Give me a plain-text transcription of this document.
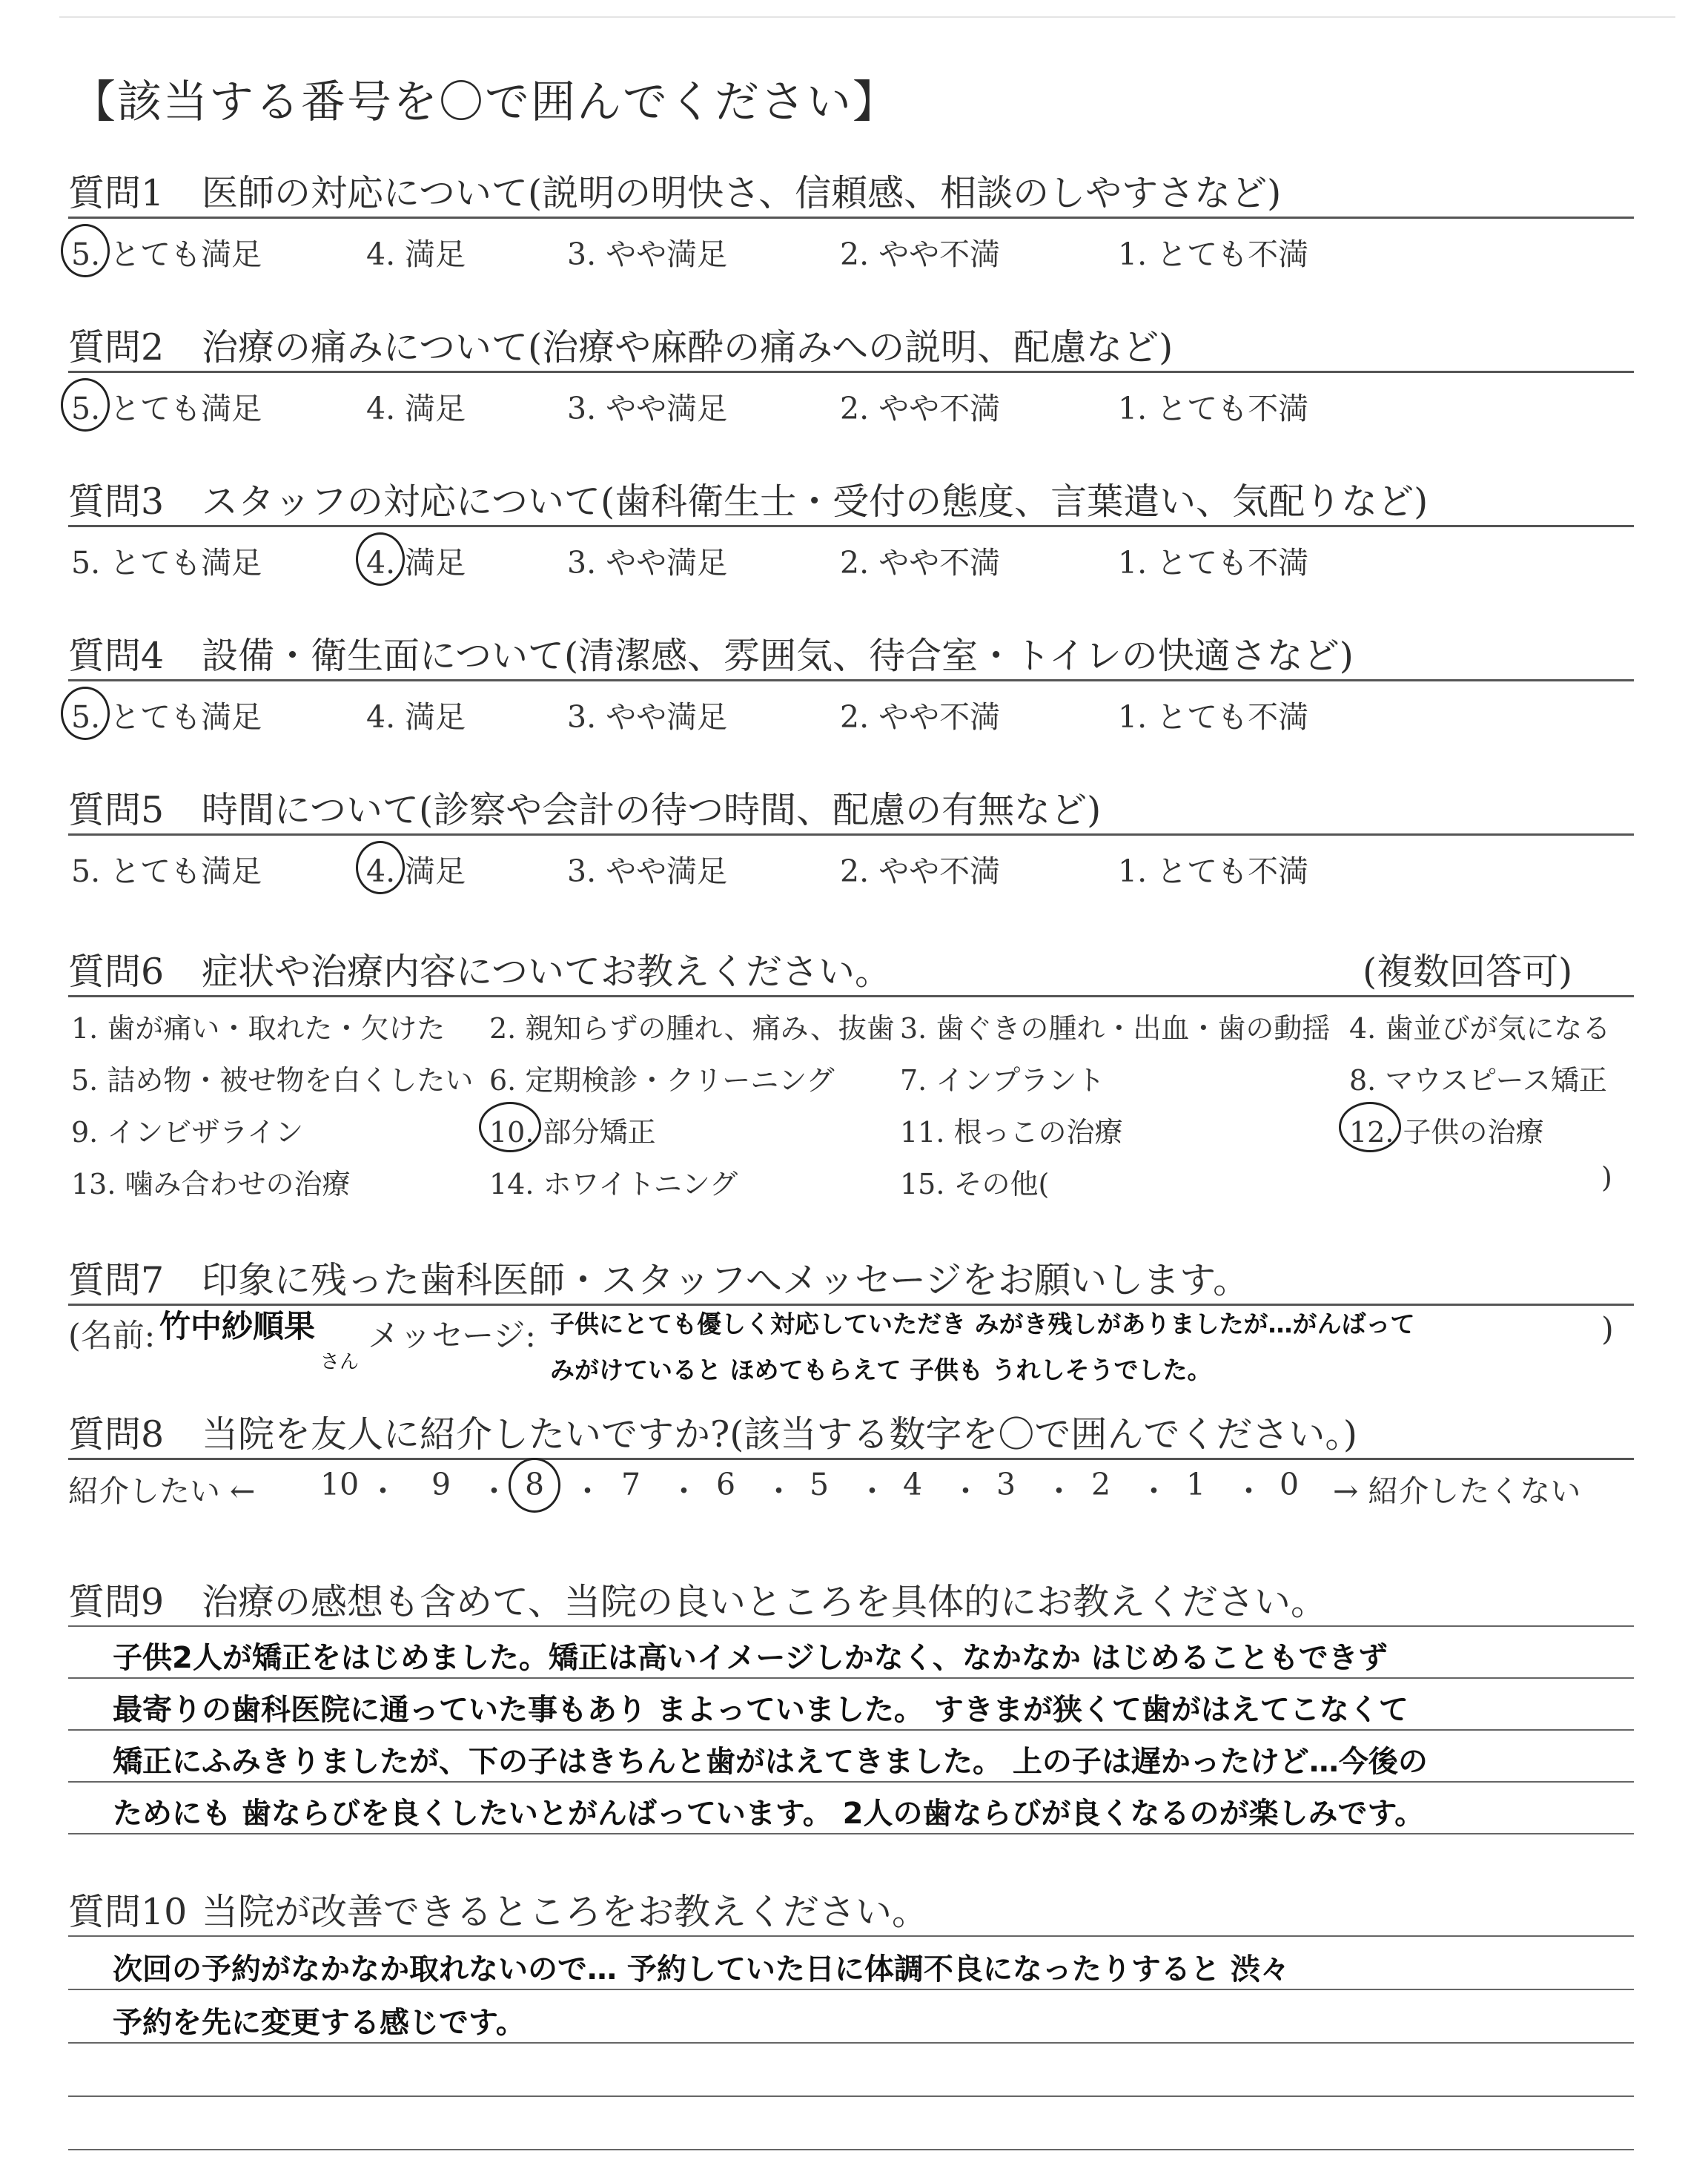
【該当する番号を〇で囲んでください】
質問1 医師の対応について(説明の明快さ、信頼感、相談のしやすさなど)
5. とても満足	4. 満足	3. やや満足	2. やや不満	1. とても不満
質問2 治療の痛みについて(治療や麻酔の痛みへの説明、配慮など)
5. とても満足	4. 満足	3. やや満足	2. やや不満	1. とても不満
質問3 スタッフの対応について(歯科衛生士・受付の態度、言葉遣い、気配りなど)
5. とても満足	4. 満足	3. やや満足	2. やや不満	1. とても不満
質問4 設備・衛生面について(清潔感、雰囲気、待合室・トイレの快適さなど)
5. とても満足	4. 満足	3. やや満足	2. やや不満	1. とても不満
質問5 時間について(診察や会計の待つ時間、配慮の有無など)
5. とても満足	4. 満足	3. やや満足	2. やや不満	1. とても不満
質問6 症状や治療内容についてお教えください。	(複数回答可)
1. 歯が痛い・取れた・欠けた 2. 親知らずの腫れ、痛み、抜歯 3. 歯ぐきの腫れ・出血・歯の動揺 4. 歯並びが気になる
5. 詰め物・被せ物を白くしたい 6. 定期検診・クリーニング 7. インプラント	8. マウスピース矯正
9. インビザライン	10. 部分矯正	11. 根っこの治療	12. 子供の治療
13. 噛み合わせの治療	14. ホワイトニング	15. その他(	)
質問7 印象に残った歯科医師・スタッフへメッセージをお願いします。
(名前: 竹中紗順果
さん
メッセージ:	)
子供にとても優しく対応していただき みがき残しがありましたが…がんばって
みがけていると ほめてもらえて 子供も うれしそうでした。
質問8 当院を友人に紹介したいですか?(該当する数字を〇で囲んでください。)
紹介したい ←	→ 紹介したくない
10 ・ 9 ・ 8 ・ 7 ・ 6 ・ 5 ・ 4 ・ 3 ・ 2 ・ 1 ・ 0
質問9 治療の感想も含めて、当院の良いところを具体的にお教えください。
子供2人が矯正をはじめました。矯正は高いイメージしかなく、なかなか はじめることもできず
最寄りの歯科医院に通っていた事もあり まよっていました。 すきまが狭くて歯がはえてこなくて
矯正にふみきりましたが、下の子はきちんと歯がはえてきました。 上の子は遅かったけど…今後の
ためにも 歯ならびを良くしたいとがんばっています。 2人の歯ならびが良くなるのが楽しみです。
質問10 当院が改善できるところをお教えください。
次回の予約がなかなか取れないので… 予約していた日に体調不良になったりすると 渋々
予約を先に変更する感じです。
